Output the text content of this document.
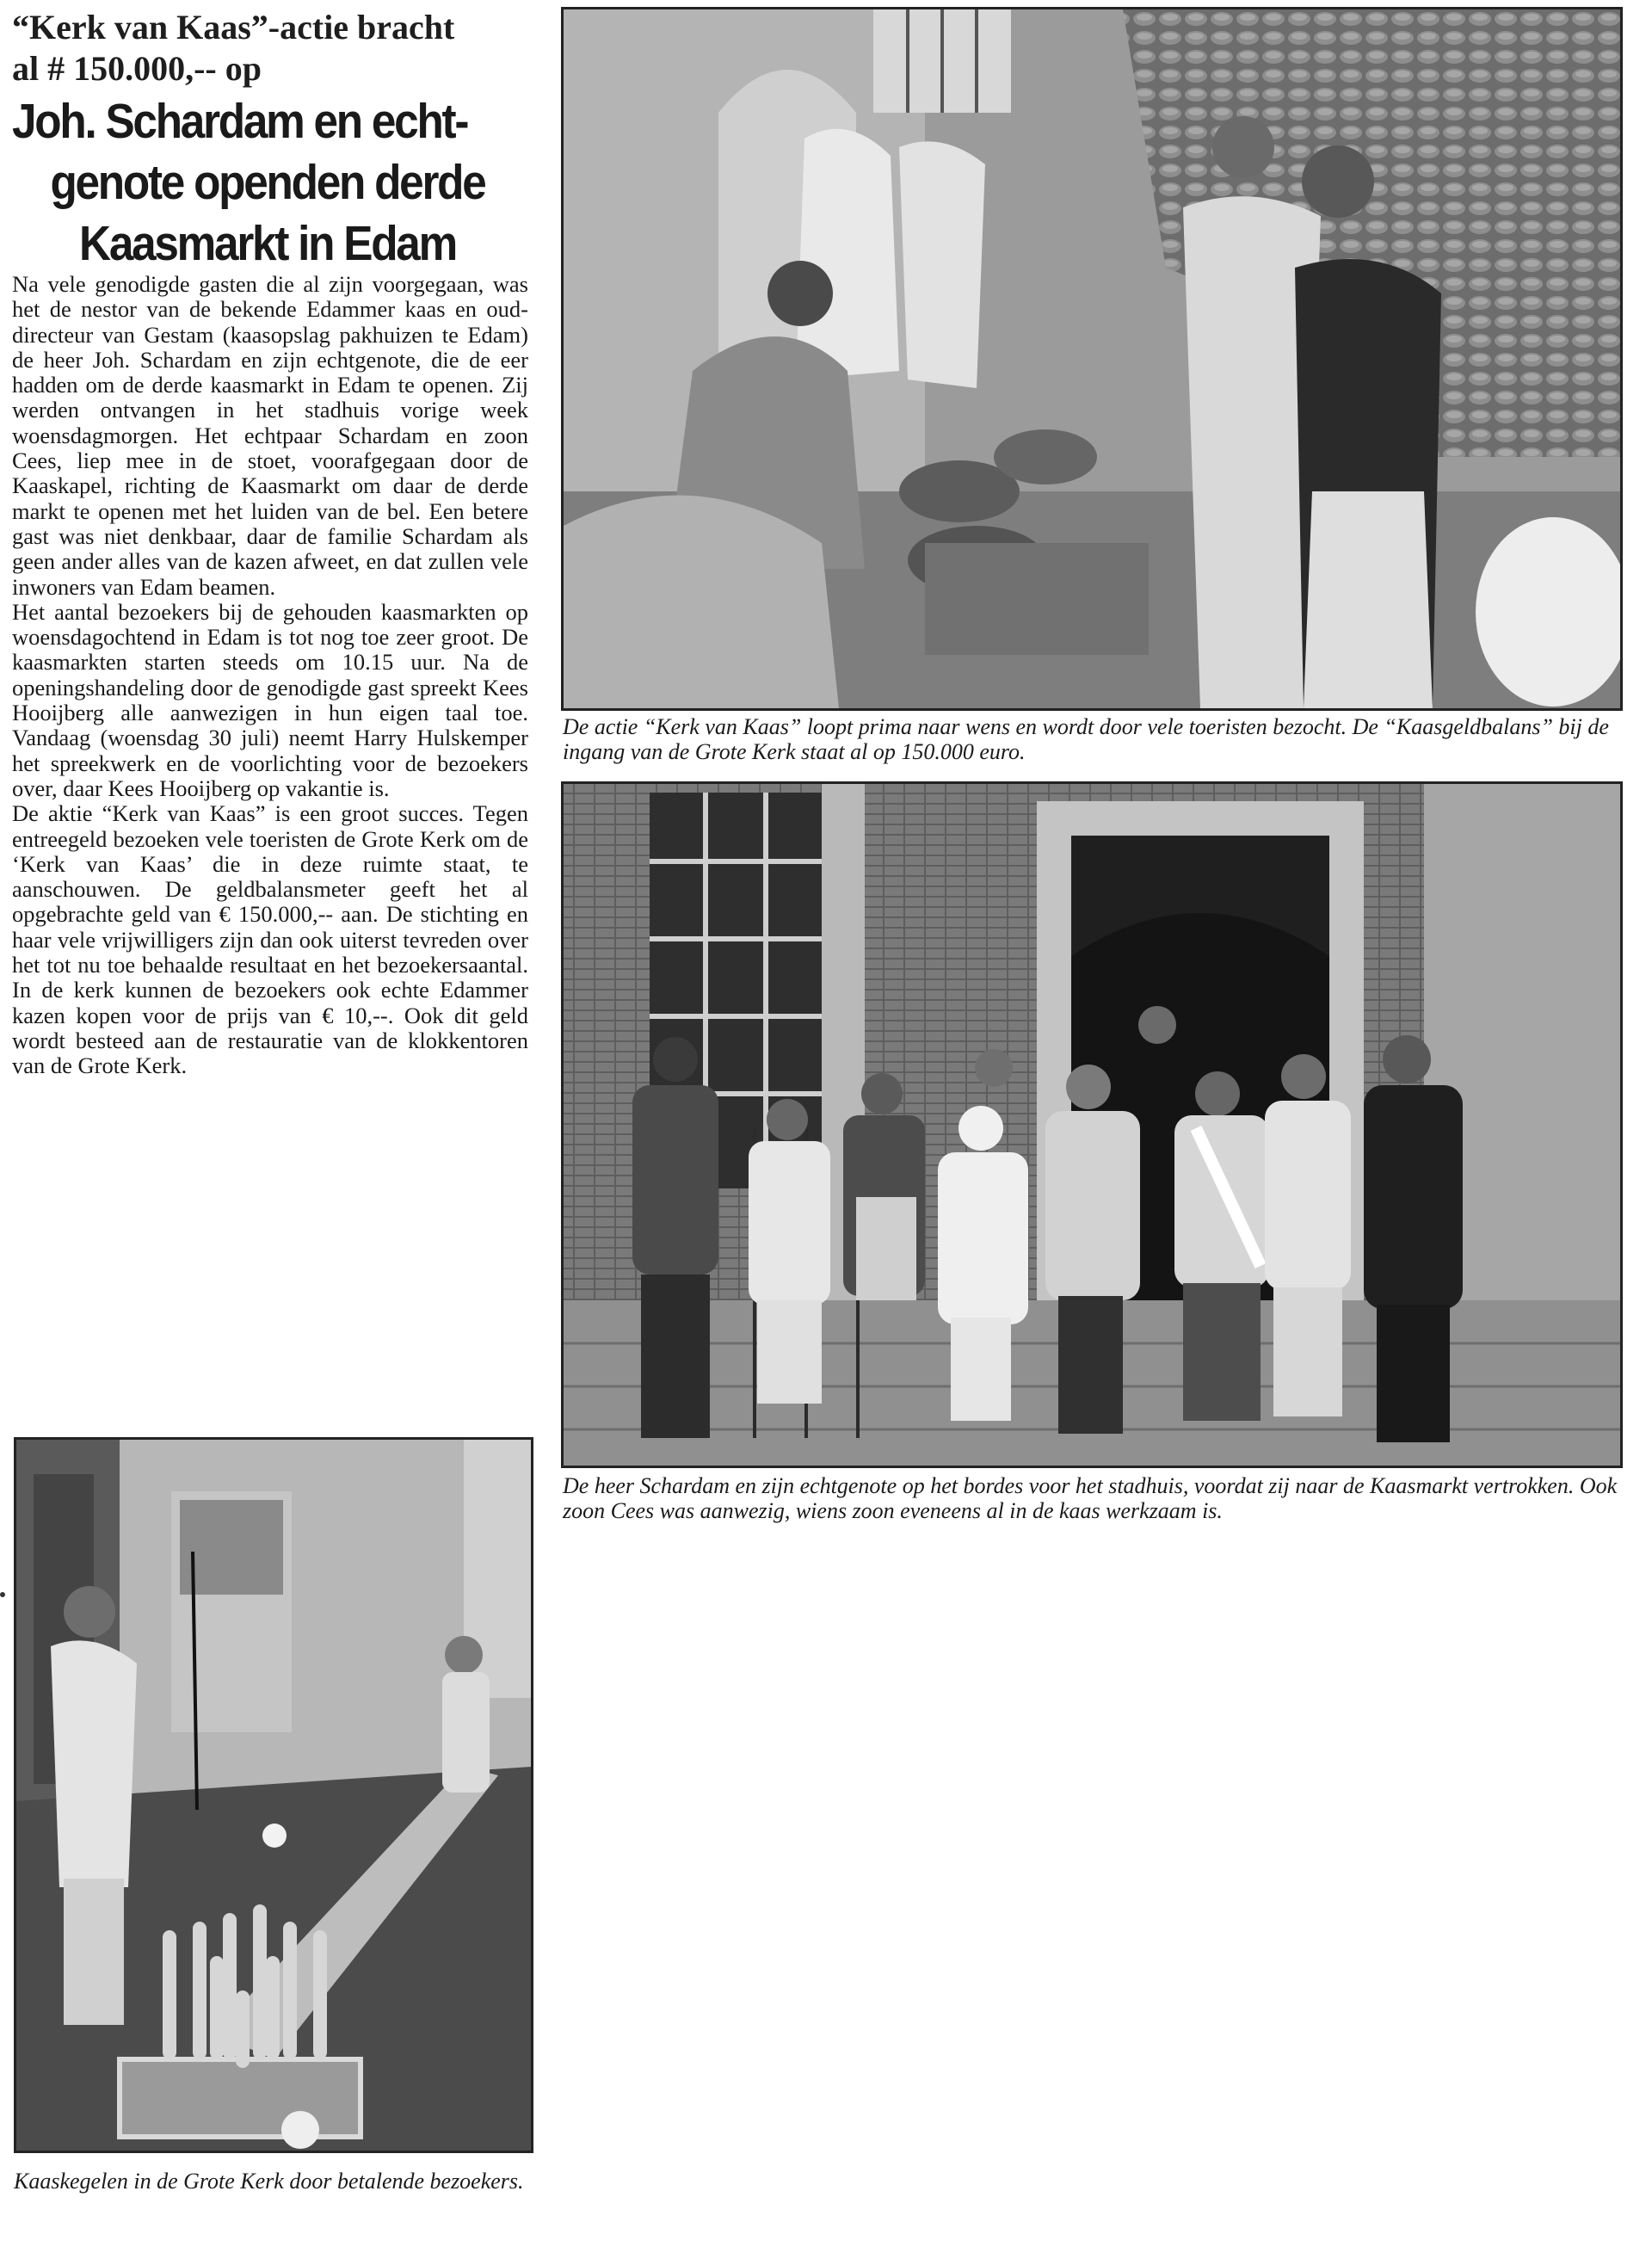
“Kerk van Kaas”-actie bracht
al # 150.000,-- op
Joh. Schardam en echt-
genote openden derde
Kaasmarkt in Edam

Na vele genodigde gasten die al zijn voorgegaan, was het de nestor van de bekende Edammer kaas en oud-directeur van Gestam (kaasopslag pakhuizen te Edam) de heer Joh. Schardam en zijn echtgenote, die de eer hadden om de derde kaasmarkt in Edam te openen. Zij werden ontvangen in het stadhuis vorige week woensdagmorgen. Het echtpaar Schardam en zoon Cees, liep mee in de stoet, voorafgegaan door de Kaaskapel, richting de Kaasmarkt om daar de derde markt te openen met het luiden van de bel. Een betere gast was niet denkbaar, daar de familie Schardam als geen ander alles van de kazen afweet, en dat zullen vele inwoners van Edam beamen.

Het aantal bezoekers bij de gehouden kaasmarkten op woensdagochtend in Edam is tot nog toe zeer groot. De kaasmarkten starten steeds om 10.15 uur. Na de openingshandeling door de genodigde gast spreekt Kees Hooijberg alle aanwezigen in hun eigen taal toe. Vandaag (woensdag 30 juli) neemt Harry Hulskemper het spreekwerk en de voorlichting voor de bezoekers over, daar Kees Hooijberg op vakantie is.

De aktie “Kerk van Kaas” is een groot succes. Tegen entreegeld bezoeken vele toeristen de Grote Kerk om de ‘Kerk van Kaas’ die in deze ruimte staat, te aanschouwen. De geldbalansmeter geeft het al opgebrachte geld van € 150.000,-- aan. De stichting en haar vele vrijwilligers zijn dan ook uiterst tevreden over het tot nu toe behaalde resultaat en het bezoekersaantal. In de kerk kunnen de bezoekers ook echte Edammer kazen kopen voor de prijs van € 10,--. Ook dit geld wordt besteed aan de restauratie van de klokkentoren van de Grote Kerk.

De actie “Kerk van Kaas” loopt prima naar wens en wordt door vele toeristen bezocht. De “Kaasgeldbalans” bij de ingang van de Grote Kerk staat al op 150.000 euro.
De heer Schardam en zijn echtgenote op het bordes voor het stadhuis, voordat zij naar de Kaasmarkt vertrokken. Ook zoon Cees was aanwezig, wiens zoon eveneens al in de kaas werkzaam is.
Kaaskegelen in de Grote Kerk door betalende bezoekers.
